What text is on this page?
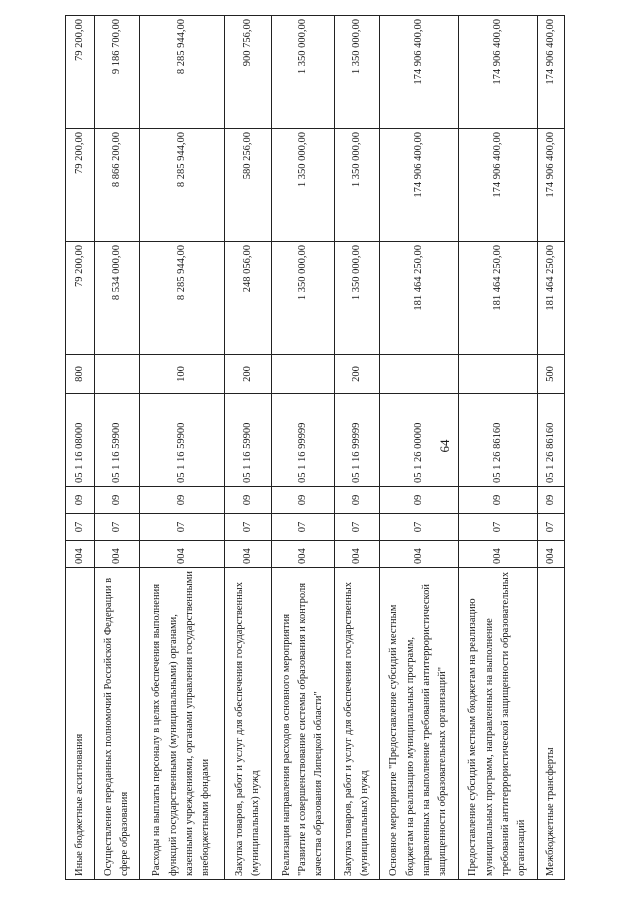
64
Иные бюджетные ассигнования	004	07	09	05 1 16 08000	800	79 200,00	79 200,00	79 200,00
Осуществление переданных полномочий Российской Федерации в сфере образования	004	07	09	05 1 16 59900		8 534 000,00	8 866 200,00	9 186 700,00
Расходы на выплаты персоналу в целях обеспечения выполнения функций государственными (муниципальными) органами, казенными учреждениями, органами управления государственными внебюджетными фондами	004	07	09	05 1 16 59900	100	8 285 944,00	8 285 944,00	8 285 944,00
Закупка товаров, работ и услуг для обеспечения государственных (муниципальных) нужд	004	07	09	05 1 16 59900	200	248 056,00	580 256,00	900 756,00
Реализация направления расходов основного мероприятия "Развитие и совершенствование системы образования и контроля качества образования Липецкой области"	004	07	09	05 1 16 99999		1 350 000,00	1 350 000,00	1 350 000,00
Закупка товаров, работ и услуг для обеспечения государственных (муниципальных) нужд	004	07	09	05 1 16 99999	200	1 350 000,00	1 350 000,00	1 350 000,00
Основное мероприятие "Предоставление субсидий местным бюджетам на реализацию муниципальных программ, направленных на выполнение требований антитеррористической защищенности образовательных организаций"	004	07	09	05 1 26 00000		181 464 250,00	174 906 400,00	174 906 400,00
Предоставление субсидий местным бюджетам на реализацию муниципальных программ, направленных на выполнение требований антитеррористической защищенности образовательных организаций	004	07	09	05 1 26 86160		181 464 250,00	174 906 400,00	174 906 400,00
Межбюджетные трансферты	004	07	09	05 1 26 86160	500	181 464 250,00	174 906 400,00	174 906 400,00
